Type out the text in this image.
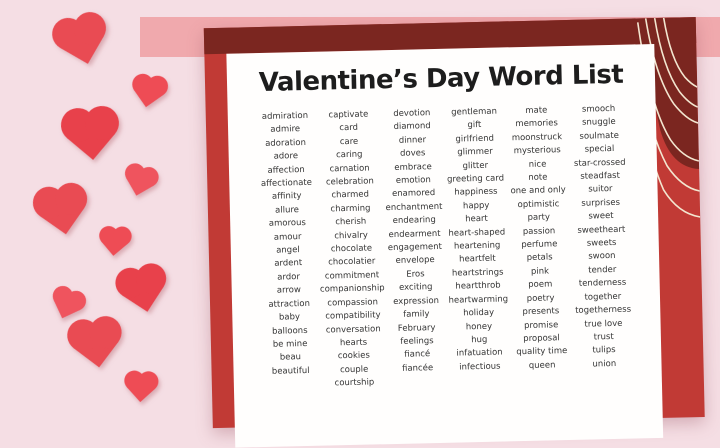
Valentine’s Day Word List
admiration
admire
adoration
adore
affection
affectionate
affinity
allure
amorous
amour
angel
ardent
ardor
arrow
attraction
baby
balloons
be mine
beau
beautiful
captivate
card
care
caring
carnation
celebration
charmed
charming
cherish
chivalry
chocolate
chocolatier
commitment
companionship
compassion
compatibility
conversation hearts
cookies
couple
courtship
devotion
diamond
dinner
doves
embrace
emotion
enamored
enchantment
endearing
endearment
engagement
envelope
Eros
exciting
expression
family
February
feelings
fiancé
fiancée
gentleman
gift
girlfriend
glimmer
glitter
greeting card
happiness
happy
heart
heart-shaped
heartening
heartfelt
heartstrings
heartthrob
heartwarming
holiday
honey
hug
infatuation
infectious
mate
memories
moonstruck
mysterious
nice
note
one and only
optimistic
party
passion
perfume
petals
pink
poem
poetry
presents
promise
proposal
quality time
queen
smooch
snuggle
soulmate
special
star-crossed
steadfast
suitor
surprises
sweet
sweetheart
sweets
swoon
tender
tenderness
together
togetherness
true love
trust
tulips
union
